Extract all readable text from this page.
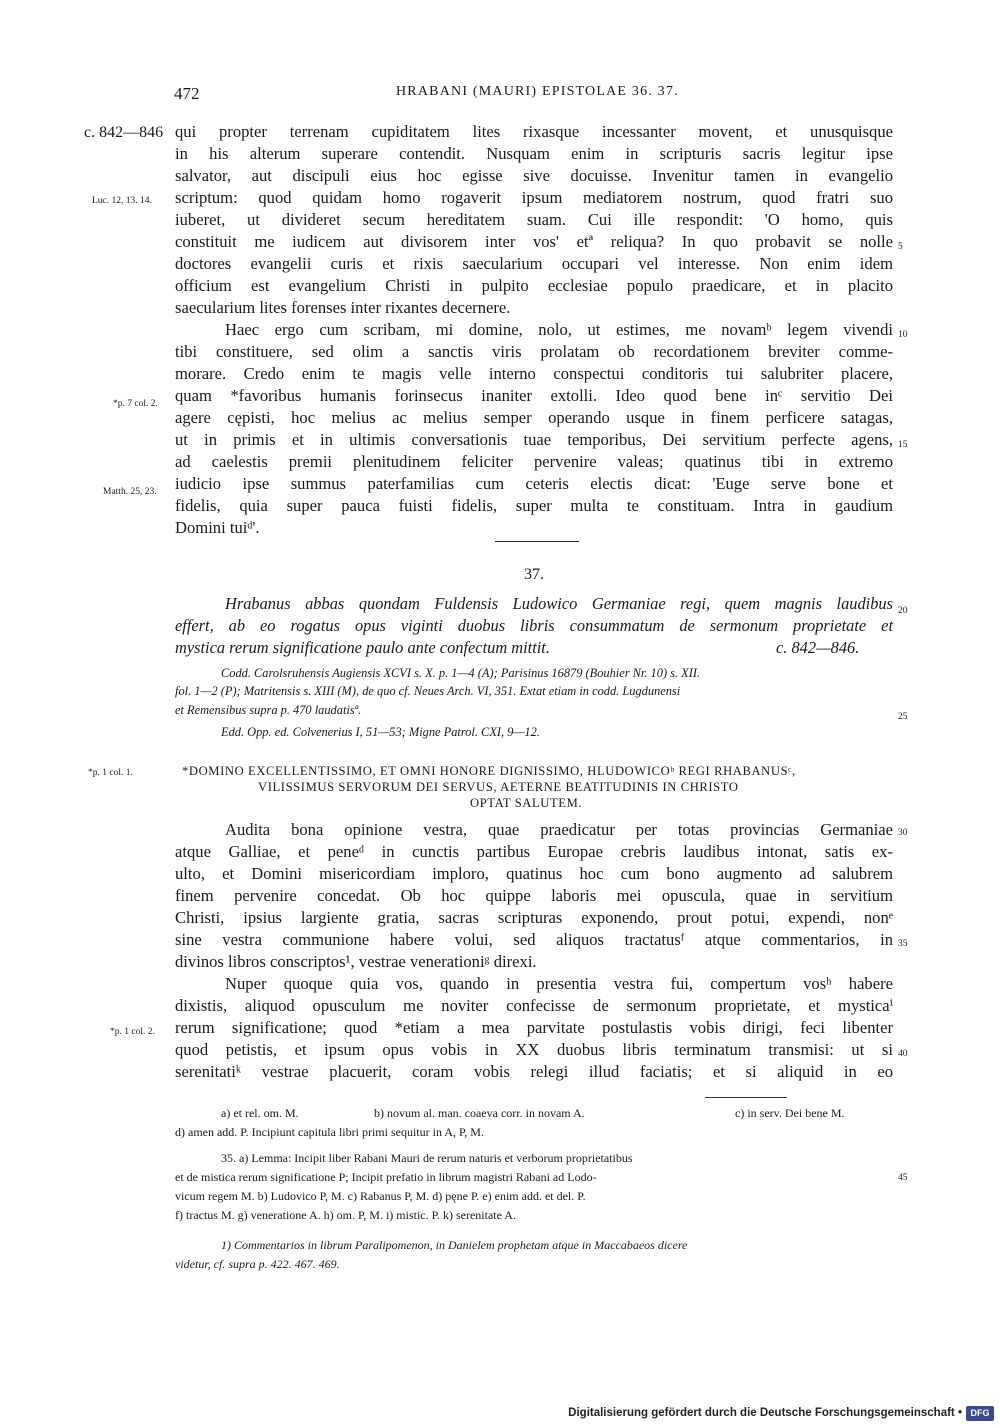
472	HRABANI (MAURI) EPISTOLAE 36. 37.
c. 842—846
Luc. 12, 13. 14.
*p. 7 col. 2.
Matth. 25, 23.
*p. 1 col. 1.
*p. 1 col. 2.
5
10
15
20
25
30
35
40
45
qui propter terrenam cupiditatem lites rixasque incessanter movent, et unusquisque
in his alterum superare contendit. Nusquam enim in scripturis sacris legitur ipse
salvator, aut discipuli eius hoc egisse sive docuisse. Invenitur tamen in evangelio
scriptum: quod quidam homo rogaverit ipsum mediatorem nostrum, quod fratri suo
iuberet, ut divideret secum hereditatem suam. Cui ille respondit: 'O homo, quis
constituit me iudicem aut divisorem inter vos' etª reliqua? In quo probavit se nolle
doctores evangelii curis et rixis saecularium occupari vel interesse. Non enim idem
officium est evangelium Christi in pulpito ecclesiae populo praedicare, et in placito
saecularium lites forenses inter rixantes decernere.
Haec ergo cum scribam, mi domine, nolo, ut estimes, me novamᵇ legem vivendi
tibi constituere, sed olim a sanctis viris prolatam ob recordationem breviter comme-
morare. Credo enim te magis velle interno conspectui conditoris tui salubriter placere,
quam *favoribus humanis forinsecus inaniter extolli. Ideo quod bene inᶜ servitio Dei
agere cępisti, hoc melius ac melius semper operando usque in finem perficere satagas,
ut in primis et in ultimis conversationis tuae temporibus, Dei servitium perfecte agens,
ad caelestis premii plenitudinem feliciter pervenire valeas; quatinus tibi in extremo
iudicio ipse summus paterfamilias cum ceteris electis dicat: 'Euge serve bone et
fidelis, quia super pauca fuisti fidelis, super multa te constituam. Intra in gaudium
Domini tuiᵈ'.
37.
Hrabanus abbas quondam Fuldensis Ludowico Germaniae regi, quem magnis laudibus
effert, ab eo rogatus opus viginti duobus libris consummatum de sermonum proprietate et
mystica rerum significatione paulo ante confectum mittit.	c. 842—846.
Codd. Carolsruhensis Augiensis XCVI s. X. p. 1—4 (A); Parisinus 16879 (Bouhier Nr. 10) s. XII.
fol. 1—2 (P); Matritensis s. XIII (M), de quo cf. Neues Arch. VI, 351. Extat etiam in codd. Lugdunensi
et Remensibus supra p. 470 laudatisª.
Edd. Opp. ed. Colvenerius I, 51—53; Migne Patrol. CXI, 9—12.
*DOMINO EXCELLENTISSIMO, ET OMNI HONORE DIGNISSIMO, HLUDOWICOᵇ REGI RHABANUSᶜ,
VILISSIMUS SERVORUM DEI SERVUS, AETERNE BEATITUDINIS IN CHRISTO
OPTAT SALUTEM.
Audita bona opinione vestra, quae praedicatur per totas provincias Germaniae
atque Galliae, et peneᵈ in cunctis partibus Europae crebris laudibus intonat, satis ex-
ulto, et Domini misericordiam imploro, quatinus hoc cum bono augmento ad salubrem
finem pervenire concedat. Ob hoc quippe laboris mei opuscula, quae in servitium
Christi, ipsius largiente gratia, sacras scripturas exponendo, prout potui, expendi, nonᵉ
sine vestra communione habere volui, sed aliquos tractatusᶠ atque commentarios, in
divinos libros conscriptos¹, vestrae venerationiᵍ direxi.
Nuper quoque quia vos, quando in presentia vestra fui, compertum vosʰ habere
dixistis, aliquod opusculum me noviter confecisse de sermonum proprietate, et mysticaⁱ
rerum significatione; quod *etiam a mea parvitate postulastis vobis dirigi, feci libenter
quod petistis, et ipsum opus vobis in XX duobus libris terminatum transmisi: ut si
serenitatiᵏ vestrae placuerit, coram vobis relegi illud faciatis; et si aliquid in eo
a) et rel. om. M.	b) novum al. man. coaeva corr. in novam A.	c) in serv. Dei bene M.
d) amen add. P. Incipiunt capitula libri primi sequitur in A, P, M.
35. a) Lemma: Incipit liber Rabani Mauri de rerum naturis et verborum proprietatibus
et de mistica rerum significatione P; Incipit prefatio in librum magistri Rabani ad Lodo-
vicum regem M. b) Ludovico P, M. c) Rabanus P, M. d) pęne P. e) enim add. et del. P.
f) tractus M. g) veneratione A. h) om. P, M. i) mistic. P. k) serenitate A.
1) Commentarios in librum Paralipomenon, in Danielem prophetam atque in Maccabaeos dicere
videtur, cf. supra p. 422. 467. 469.
Digitalisierung gefördert durch die Deutsche Forschungsgemeinschaft • DFG
